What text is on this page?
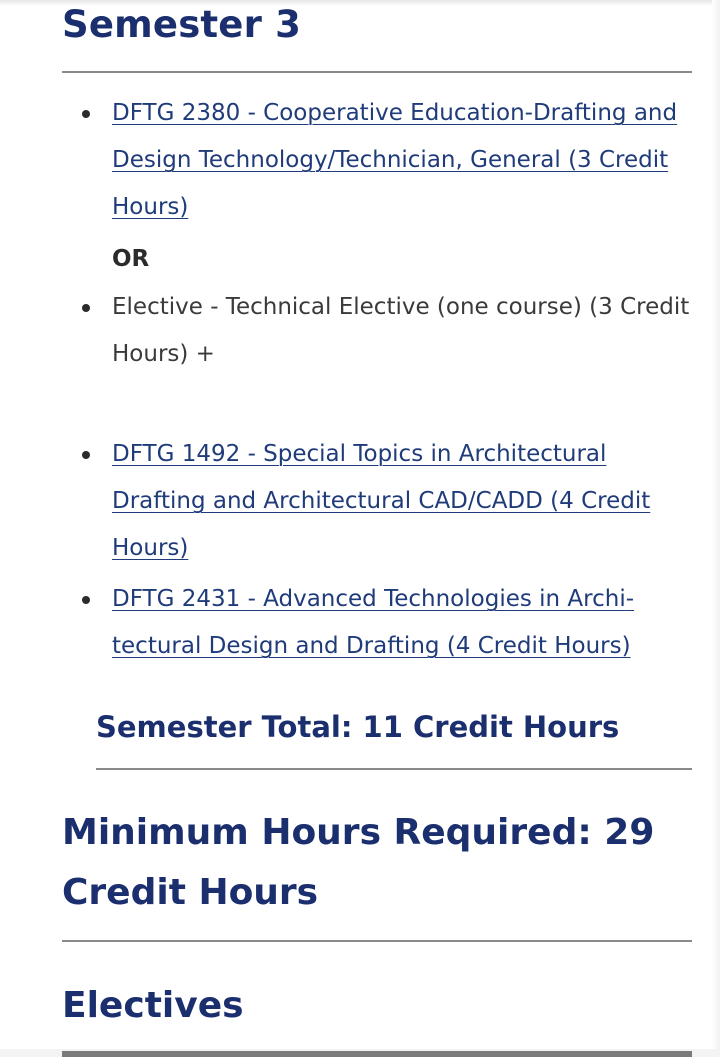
Semester 3

DFTG 2380 - Cooperative Education-Drafting and Design Technology/Technician, General (3 Credit Hours)

OR

Elective - Technical Elective (one course) (3 Credit Hours) +

DFTG 1492 - Special Topics in Architectural Drafting and Architectural CAD/CADD (4 Credit Hours)

DFTG 2431 - Advanced Technologies in Architectural Design and Drafting (4 Credit Hours)

Semester Total: 11 Credit Hours
Minimum Hours Required: 29 Credit Hours
Electives
